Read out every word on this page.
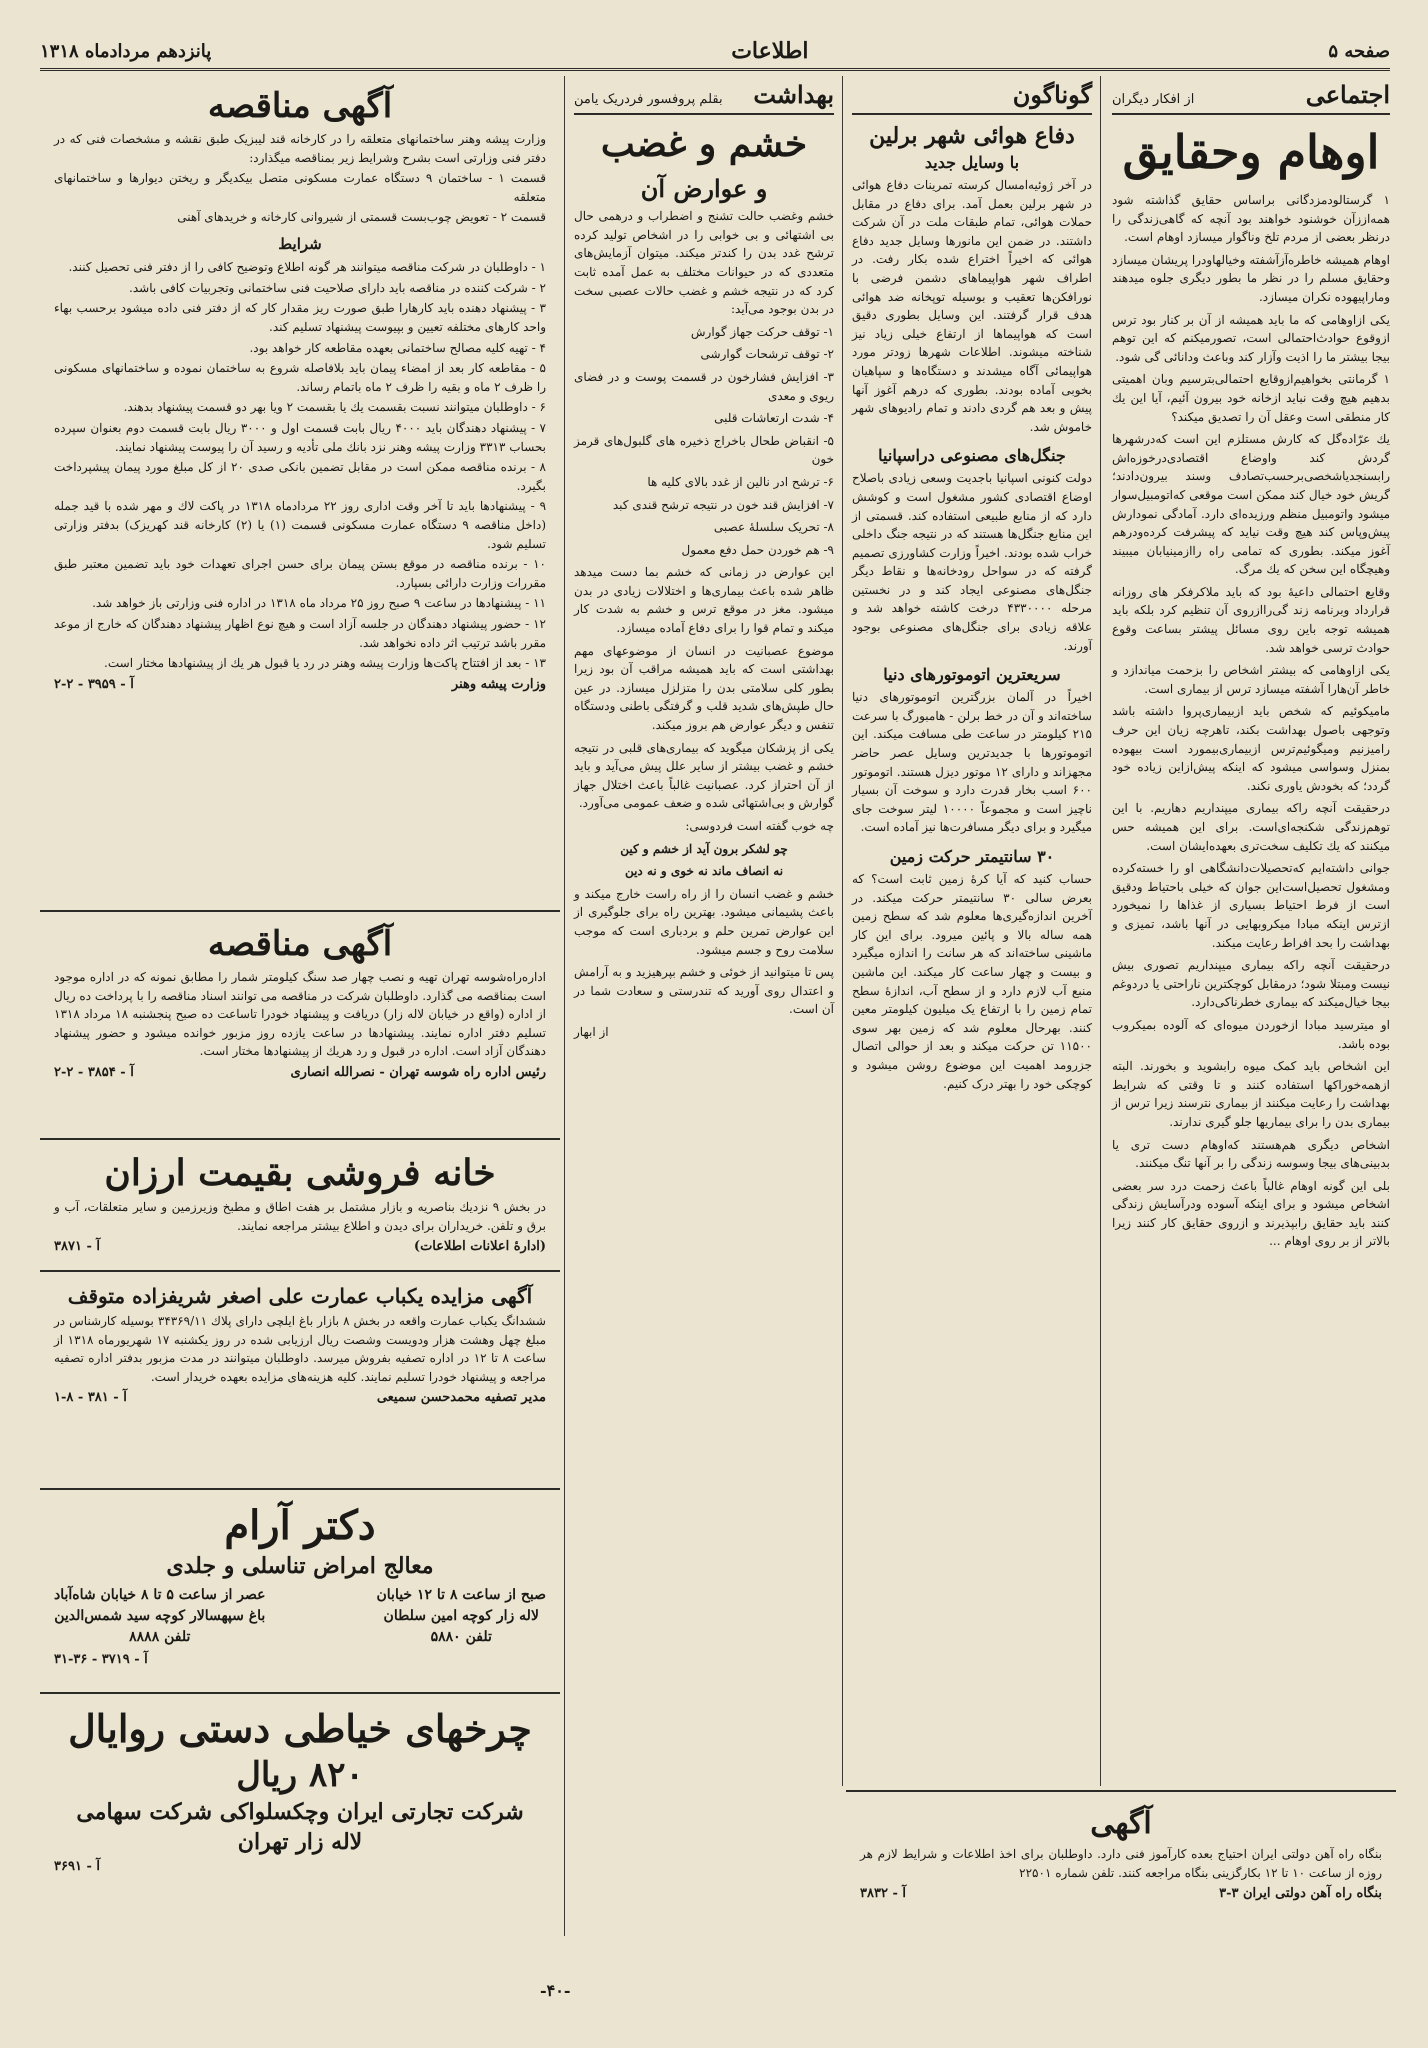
پانزدهم مردادماه ۱۳۱۸	اطلاعات	صفحه ۵
اجتماعی
از افکار دیگران
اوهام وحقایق

۱ گرستالودمزدگانی براساس حقایق گذاشته شود همه‌اززآن خوشنود خواهند بود آنچه که گاهی‌زندگی را درنظر بعضی از مردم تلخ وناگوار میسازد اوهام است.

اوهام همیشه خاطره‌آزآشفته وخیالها‌ودرا پریشان میسازد وحقایق مسلم را در نظر ما بطور دیگری جلوه میدهند وماراپیهوده نکران میسازد.

یکی ازاوهامی که ما باید همیشه از آن بر کنار بود ترس ازوقوع حوادث‌احتمالی است، تصورمیکنم که این توهم بیجا بیشتر ما را اذیت وآزار کند وباعث ودانائی گی شود.

۱ گرمانتی بخواهیم‌ازوقایع احتمالی‌بترسیم وبان اهمیتی بدهیم هیچ وقت نباید ازخانه خود بیرون آئیم، آیا این یك كار منطقی است وعقل آن را تصدیق میکند؟

یك عرّاده‌گل كه كارش مستلزم این است كه‌درشهرها گردش كند واوضاع اقتصادی‌درخوزه‌اش را‌بسنجدیاشخصی‌برحسب‌تصادف وسند بیرون‌دادند؛ گریش خود خیال کند ممکن است موقعی که‌اتومبیل‌سوار میشود واتومبیل منظم ورزیده‌ای دارد. آمادگی نمودارش پیش‌وپاس کند هیچ وقت نیاید که پیشرفت کرده‌ودرهم آغوز میکند. بطوری که تمامی راه را‌از‌مینیابان میبیند وهیچگاه این سخن که یك مرگ.

وقایع احتمالی داعیهٔ بود كه باید ملاكرفكر های روزانه قرارداد وبرنامه زند گی‌را‌ازروی آن تنظیم کرد بلکه باید همیشه توجه باین روی مسائل پیشتر بساعت وقوع حوادث ترسی خواهد شد.

یکی از‌اوهامی که بیشتر اشخاص را بزحمت میاندازد و خاطر آن‌هارا آشفته میسازد ترس از بیماری است.

مامیکوئیم که شخص باید ازبیماری‌پروا داشته باشد وتوجهی باصول بهداشت بکند، تاهرچه زیان این حرف را‌میزنیم ومیگوئیم‌ترس از‌بیماری‌بیمورد است بیهوده بمنزل وسواسی میشود که اینکه پیش‌ازاین زیاده خود گردد؛ که بخودش یاوری نکند.

درحقیقت آنچه را‌که بیماری میپنداریم دهاریم. با این توهم‌زندگی شکنجه‌ای‌است. برای این همیشه حس میکنند که یك تكليف سخت‌تری بعهده‌ایشان است.

جوانی داشته‌ایم که‌تحصیلات‌دانشگاهی او را خسته‌کرده ومشغول تحصیل‌است‌این جوان که خیلی باحتیاط ودقیق است از فرط احتیاط بسیاری از غذاها را نمیخورد ازترس اینکه مبادا میکروبهایی در آنها باشد، تمیزی و بهداشت را بحد افراط رعایت میکند.

درحقیقت آنچه را‌که بیماری میپنداریم تصوری بیش نیست ومبتلا شود؛ درمقابل کوچکترین ناراحتی یا درد‌وغم بیجا خیال‌میکند که بیماری خطرناکی‌دارد.

او میترسید مبادا از‌خوردن میوه‌ای که آلوده بمیکروب بوده باشد.

این اشخاص باید کمک میوه را‌بشوید و بخورند. البته از‌همه‌خورا‌کها استفاده کنند و تا وقتی که شرایط بهداشت را رعایت میکنند از بیماری نترسند زیرا ترس از بیماری بدن را برای بیماریها جلو گیری ندارند.

اشخاص دیگری هم‌هستند که‌اوهام دست تری یا بدبینی‌های بیجا وسوسه زندگی را بر آنها تنگ میکنند.

بلی این گونه اوهام غالباً باعث زحمت درد سر بعضی اشخاص میشود و برای اینکه آسوده ودرآسایش زندگی کنند باید حقایق را‌بپذیرند و ازروی حقایق کار کنند زیرا بالاتر از بر روی اوهام ...

گوناگون
دفاع هوائی شهر برلین
با وسایل جدید

در آخر ژوئیه‌امسال کرسته تمرینات دفاع هوائی در شهر برلین بعمل آمد. برای دفاع در مقابل حملات هوائی، تمام طبقات ملت در آن شرکت داشتند. در ضمن این مانورها وسایل جدید دفاع هوائی که اخیراً اختراع شده بکار رفت. در اطراف شهر هواپیماهای دشمن فرضی با نورافکن‌ها تعقیب و بوسیله توپخانه ضد هوائی هدف قرار گرفتند. این وسایل بطوری دقیق است که هواپیماها از ارتفاع خیلی زیاد نیز شناخته میشوند. اطلاعات شهرها زودتر مورد هواپیمائی آگاه میشدند و دستگاه‌ها و سپاهیان بخوبی آماده بودند. بطوری که درهم آغوز آنها پیش و بعد هم گردی دادند و تمام رادیوهای شهر خاموش شد.

جنگل‌های مصنوعی دراسپانیا

دولت کنونی اسپانیا باجدیت وسعی زیادی باصلاح اوضاع اقتصادی کشور مشغول است و کوشش دارد که از منابع طبیعی استفاده کند. قسمتی از این منابع جنگل‌ها هستند که در نتیجه جنگ داخلی خراب شده بودند. اخیراً وزارت کشاورزی تصمیم گرفته که در سواحل رودخانه‌ها و نقاط دیگر جنگل‌های مصنوعی ایجاد کند و در نخستین مرحله ۴۳۳۰۰۰۰ درخت کاشته خواهد شد و علاقه زیادی برای جنگل‌های مصنوعی بوجود آورند.

سریعترین اتوموتورهای دنیا

اخیراً در آلمان بزرگترین اتوموتورهای دنیا ساخته‌اند و آن در خط برلن - هامبورگ با سرعت ۲۱۵ کیلومتر در ساعت طی مسافت میکند. این اتوموتورها با جدیدترین وسایل عصر حاضر مجهزاند و دارای ۱۲ موتور دیزل هستند. اتوموتور ۶۰۰ اسب بخار قدرت دارد و سوخت آن بسیار ناچیز است و مجموعاً ۱۰۰۰۰ لیتر سوخت جای میگیرد و برای دیگر مسافرت‌ها نیز آماده است.

۳۰ سانتیمتر حرکت زمین

حساب کنید که آیا کرۀ زمین ثابت است؟ که بعرض سالی ۳۰ سانتیمتر حرکت میکند. در آخرین اندازه‌گیری‌ها معلوم شد که سطح زمین همه ساله بالا و پائین میرود. برای این کار ماشینی ساخته‌اند که هر سانت را اندازه میگیرد و بیست و چهار ساعت کار میکند. این ماشین منبع آب لازم دارد و از سطح آب، اندازهٔ سطح تمام زمین را با ارتفاع یک میلیون کیلومتر معین کنند. بهرحال معلوم شد که زمین بهر سوی ۱۱۵۰۰ تن حرکت میکند و بعد از حوالی اتصال جزرومد اهمیت این موضوع روشن میشود و کوچکی خود را بهتر درک کنیم.

بهداشت
بقلم پروفسور فردریک یامن
خشم و غضب
و عوارض آن

خشم وغضب حالت تشنج و اضطراب و درهمی حال بی اشتهائی و بی خوابی را در اشخاص تولید کرده ترشح غدد بدن را کندتر میکند. میتوان آزمایش‌های متعددی که در حیوانات مختلف به عمل آمده ثابت کرد که در نتیجه خشم و غضب حالات عصبی سخت در بدن بوجود می‌آید:

۱- توقف حرکت جهاز گوارش

۲- توقف ترشحات گوارشی

۳- افزایش فشارخون در قسمت پوست و در فضای ریوی و معدی

۴- شدت ارتعاشات قلبی

۵- انقباض طحال باخراج ذخیره های گلبول‌های قرمز خون

۶- ترشح ادر نالین از غدد بالای کلیه ها

۷- افزایش قند خون در نتیجه ترشح قندی کبد

۸- تحریک سلسلهٔ عصبی

۹- هم خوردن حمل دفع معمول

این عوارض در زمانی که خشم بما دست میدهد ظاهر شده باعث بیماری‌ها و اختلالات زیادی در بدن میشود. مغز در موقع ترس و خشم به شدت کار میکند و تمام قوا را برای دفاع آماده میسازد.

موضوع عصبانیت در انسان از موضوعهای مهم بهداشتی است که باید همیشه مراقب آن بود زیرا بطور کلی سلامتی بدن را متزلزل میسازد. در عین حال طپش‌های شدید قلب و گرفتگی باطنی ودستگاه تنفس و دیگر عوارض هم بروز میکند.

یکی از پزشکان میگوید که بیماری‌های قلبی در نتیجه خشم و غضب بیشتر از سایر علل پیش می‌آید و باید از آن احتراز کرد. عصبانیت غالباً باعث اختلال جهاز گوارش و بی‌اشتهائی شده و ضعف عمومی می‌آورد.

چه خوب گفته است فردوسی:

چو لشکر برون آید از خشم و کین

نه انصاف ماند نه خوی و نه دین

خشم و غضب انسان را از راه راست خارج میکند و باعث پشیمانی میشود. بهترین راه برای جلوگیری از این عوارض تمرین حلم و بردباری است که موجب سلامت روح و جسم میشود.

پس تا میتوانید از خوئی و خشم بپرهیزید و به آرامش و اعتدال روی آورید که تندرستی و سعادت شما در آن است.

از ابهار

آگهی
بنگاه راه آهن دولتی ایران احتیاج بعده کارآموز فنی دارد. داوطلبان برای اخذ اطلاعات و شرایط لازم هر روزه از ساعت ۱۰ تا ۱۲ بکارگزینی بنگاه مراجعه کنند. تلفن شماره ۲۲۵۰۱
بنگاه راه آهن دولتی ایران ۳-۳
آ - ۳۸۳۲
آگهی مناقصه

وزارت پیشه وهنر ساختمانهای متعلقه را در کارخانه قند لیبزیک طبق نقشه و مشخصات فنی که در دفتر فنی وزارتی است بشرح وشرایط زیر بمناقصه میگذارد:

قسمت ۱ - ساختمان ۹ دستگاه عمارت مسکونی متصل بیکدیگر و ریختن دیوارها و ساختمانهای متعلقه

قسمت ۲ - تعویض چوب‌بست قسمتی از شیروانی کارخانه و خریدهای آهنی

شرایط

۱ - داوطلبان در شرکت مناقصه میتوانند هر گونه اطلاع وتوضیح کافی را از دفتر فنی تحصیل کنند.

۲ - شرکت کننده در مناقصه باید دارای صلاحیت فنی ساختمانی وتجربیات کافی باشد.

۳ - پیشنهاد دهنده باید کارهارا طبق صورت ریز مقدار کار که از دفتر فنی داده میشود برحسب بهاء واحد کارهای مختلفه تعیین و بپیوست پیشنهاد تسلیم کند.

۴ - تهیه کلیه مصالح ساختمانی بعهده مقاطعه کار خواهد بود.

۵ - مقاطعه کار بعد از امضاء پیمان باید بلافاصله شروع به ساختمان نموده و ساختمانهای مسکونی را ظرف ۲ ماه و بقیه را ظرف ۲ ماه باتمام رساند.

۶ - داوطلبان میتوانند نسبت بقسمت یك یا بقسمت ۲ ویا بهر دو قسمت پیشنهاد بدهند.

۷ - پیشنهاد دهندگان باید ۴۰۰۰ ریال بابت قسمت اول و ۳۰۰۰ ریال بابت قسمت دوم بعنوان سپرده بحساب ۳۳۱۳ وزارت پیشه وهنر نزد بانك ملی تأدیه و رسید آن را پیوست پیشنهاد نمایند.

۸ - برنده مناقصه ممکن است در مقابل تضمین بانکی صدی ۲۰ از کل مبلغ مورد پیمان پیشپرداخت بگیرد.

۹ - پیشنهادها باید تا آخر وقت اداری روز ۲۲ مردادماه ۱۳۱۸ در پاکت لاك و مهر شده با قید جمله (داخل مناقصه ۹ دستگاه عمارت مسکونی قسمت (۱) یا (۲) کارخانه قند کهریزک) بدفتر وزارتی تسلیم شود.

۱۰ - برنده مناقصه در موقع بستن پیمان برای حسن اجرای تعهدات خود باید تضمین معتبر طبق مقررات وزارت دارائی بسپارد.

۱۱ - پیشنهادها در ساعت ۹ صبح روز ۲۵ مرداد ماه ۱۳۱۸ در اداره فنی وزارتی باز خواهد شد.

۱۲ - حضور پیشنهاد دهندگان در جلسه آزاد است و هیچ نوع اظهار پیشنهاد دهندگان که خارج از موعد مقرر باشد ترتیب اثر داده نخواهد شد.

۱۳ - بعد از افتتاح پاکت‌ها وزارت پیشه وهنر در رد یا قبول هر یك از پیشنهادها مختار است.

وزارت پیشه وهنر
آ - ۳۹۵۹ - ۲-۲
آگهی مناقصه
اداره‌راه‌شوسه تهران تهیه و نصب چهار صد سنگ کیلومتر شمار را مطابق نمونه که در اداره موجود است بمناقصه می گذارد. داوطلبان شرکت در مناقصه می توانند اسناد مناقصه را با پرداخت ده ریال از اداره (واقع در خیابان لاله زار) دریافت و پیشنهاد خودرا تاساعت ده صبح پنجشنبه ۱۸ مرداد ۱۳۱۸ تسلیم دفتر اداره نمایند. پیشنهادها در ساعت یازده روز مزبور خوانده میشود و حضور پیشنهاد دهندگان آزاد است. اداره در قبول و رد هریك از پیشنهادها مختار است.
رئیس اداره راه شوسه تهران - نصرالله انصاری
آ - ۳۸۵۴ - ۲-۲
خانه فروشی بقیمت ارزان
در بخش ۹ نزدیك بناصریه و بازار مشتمل بر هفت اطاق و مطبخ وزیرزمین و سایر متعلقات، آب و برق و تلفن. خریداران برای دیدن و اطلاع بیشتر مراجعه نمایند.
(ادارهٔ اعلانات اطلاعات)
آ - ۳۸۷۱
آگهی مزایده یکباب عمارت علی اصغر شریفزاده متوقف
ششدانگ یکباب عمارت واقعه در بخش ۸ بازار باغ ایلچی دارای پلاك ۳۴۳۶۹/۱۱ بوسیله کارشناس در مبلغ چهل وهشت هزار ودویست وشصت ریال ارزیابی شده در روز یکشنبه ۱۷ شهریورماه ۱۳۱۸ از ساعت ۸ تا ۱۲ در اداره تصفیه بفروش میرسد. داوطلبان میتوانند در مدت مزبور بدفتر اداره تصفیه مراجعه و پیشنهاد خودرا تسلیم نمایند. کلیه هزینه‌های مزایده بعهده خریدار است.
مدیر تصفیه محمدحسن سمیعی
آ - ۳۸۱ - ۸-۱
دکتر آرام
معالج امراض تناسلی و جلدی
صبح از ساعت ۸ تا ۱۲ خیابان
لاله زار کوچه امین سلطان
تلفن ۵۸۸۰
عصر از ساعت ۵ تا ۸ خیابان شاه‌آباد
باغ سپهسالار کوچه سید شمس‌الدین
تلفن ۸۸۸۸
آ - ۳۷۱۹ - ۳۶-۳۱
چرخهای خیاطی دستی روایال
۸۲۰ ریال
شرکت تجارتی ایران وچکسلواکی شرکت سهامی
لاله زار تهران
آ - ۳۶۹۱
-۴۰-
